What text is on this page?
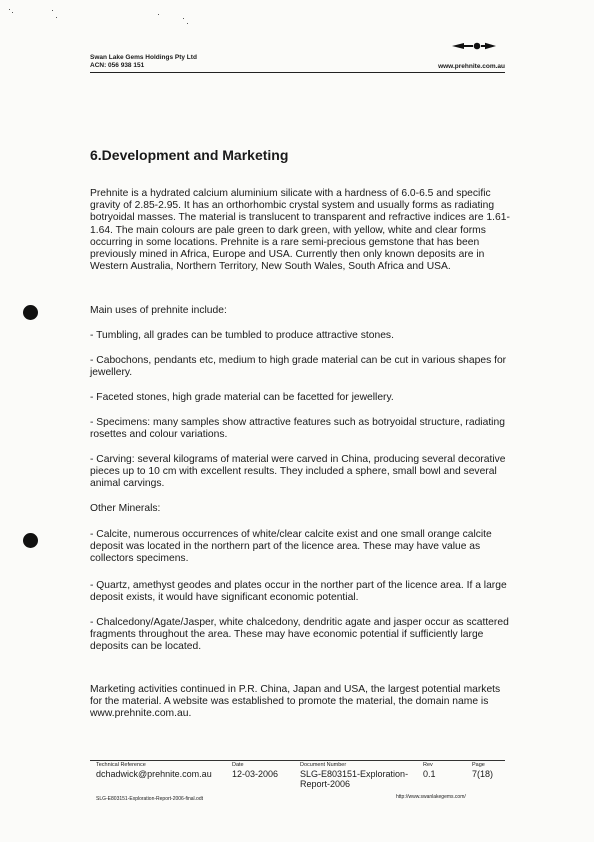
Swan Lake Gems Holdings Pty Ltd
ACN: 056 938 151	www.prehnite.com.au
6.Development and Marketing
Prehnite is a hydrated calcium aluminium silicate with a hardness of 6.0-6.5 and specific gravity of 2.85-2.95. It has an orthorhombic crystal system and usually forms as radiating botryoidal masses. The material is translucent to transparent and refractive indices are 1.61-1.64. The main colours are pale green to dark green, with yellow, white and clear forms occurring in some locations. Prehnite is a rare semi-precious gemstone that has been previously mined in Africa, Europe and USA. Currently then only known deposits are in Western Australia, Northern Territory, New South Wales, South Africa and USA.
Main uses of prehnite include:
- Tumbling, all grades can be tumbled to produce attractive stones.
- Cabochons, pendants etc, medium to high grade material can be cut in various shapes for jewellery.
- Faceted stones, high grade material can be facetted for jewellery.
- Specimens: many samples show attractive features such as botryoidal structure, radiating rosettes and colour variations.
- Carving: several kilograms of material were carved in China, producing several decorative pieces up to 10 cm with excellent results. They included a sphere, small bowl and several animal carvings.
Other Minerals:
- Calcite, numerous occurrences of white/clear calcite exist and one small orange calcite deposit was located in the northern part of the licence area. These may have value as collectors specimens.
- Quartz, amethyst geodes and plates occur in the norther part of the licence area. If a large deposit exists, it would have significant economic potential.
- Chalcedony/Agate/Jasper, white chalcedony, dendritic agate and jasper occur as scattered fragments throughout the area. These may have economic potential if sufficiently large deposits can be located.
Marketing activities continued in P.R. China, Japan and USA, the largest potential markets for the material. A website was established to promote the material, the domain name is www.prehnite.com.au.
Technical Reference
dchadwick@prehnite.com.au
Date
12-03-2006
Document Number
SLG-E803151-Exploration-Report-2006
Rev
0.1
Page
7(18)
SLG-E803151-Exploration-Report-2006-final.odt	http://www.swanlakegems.com/
